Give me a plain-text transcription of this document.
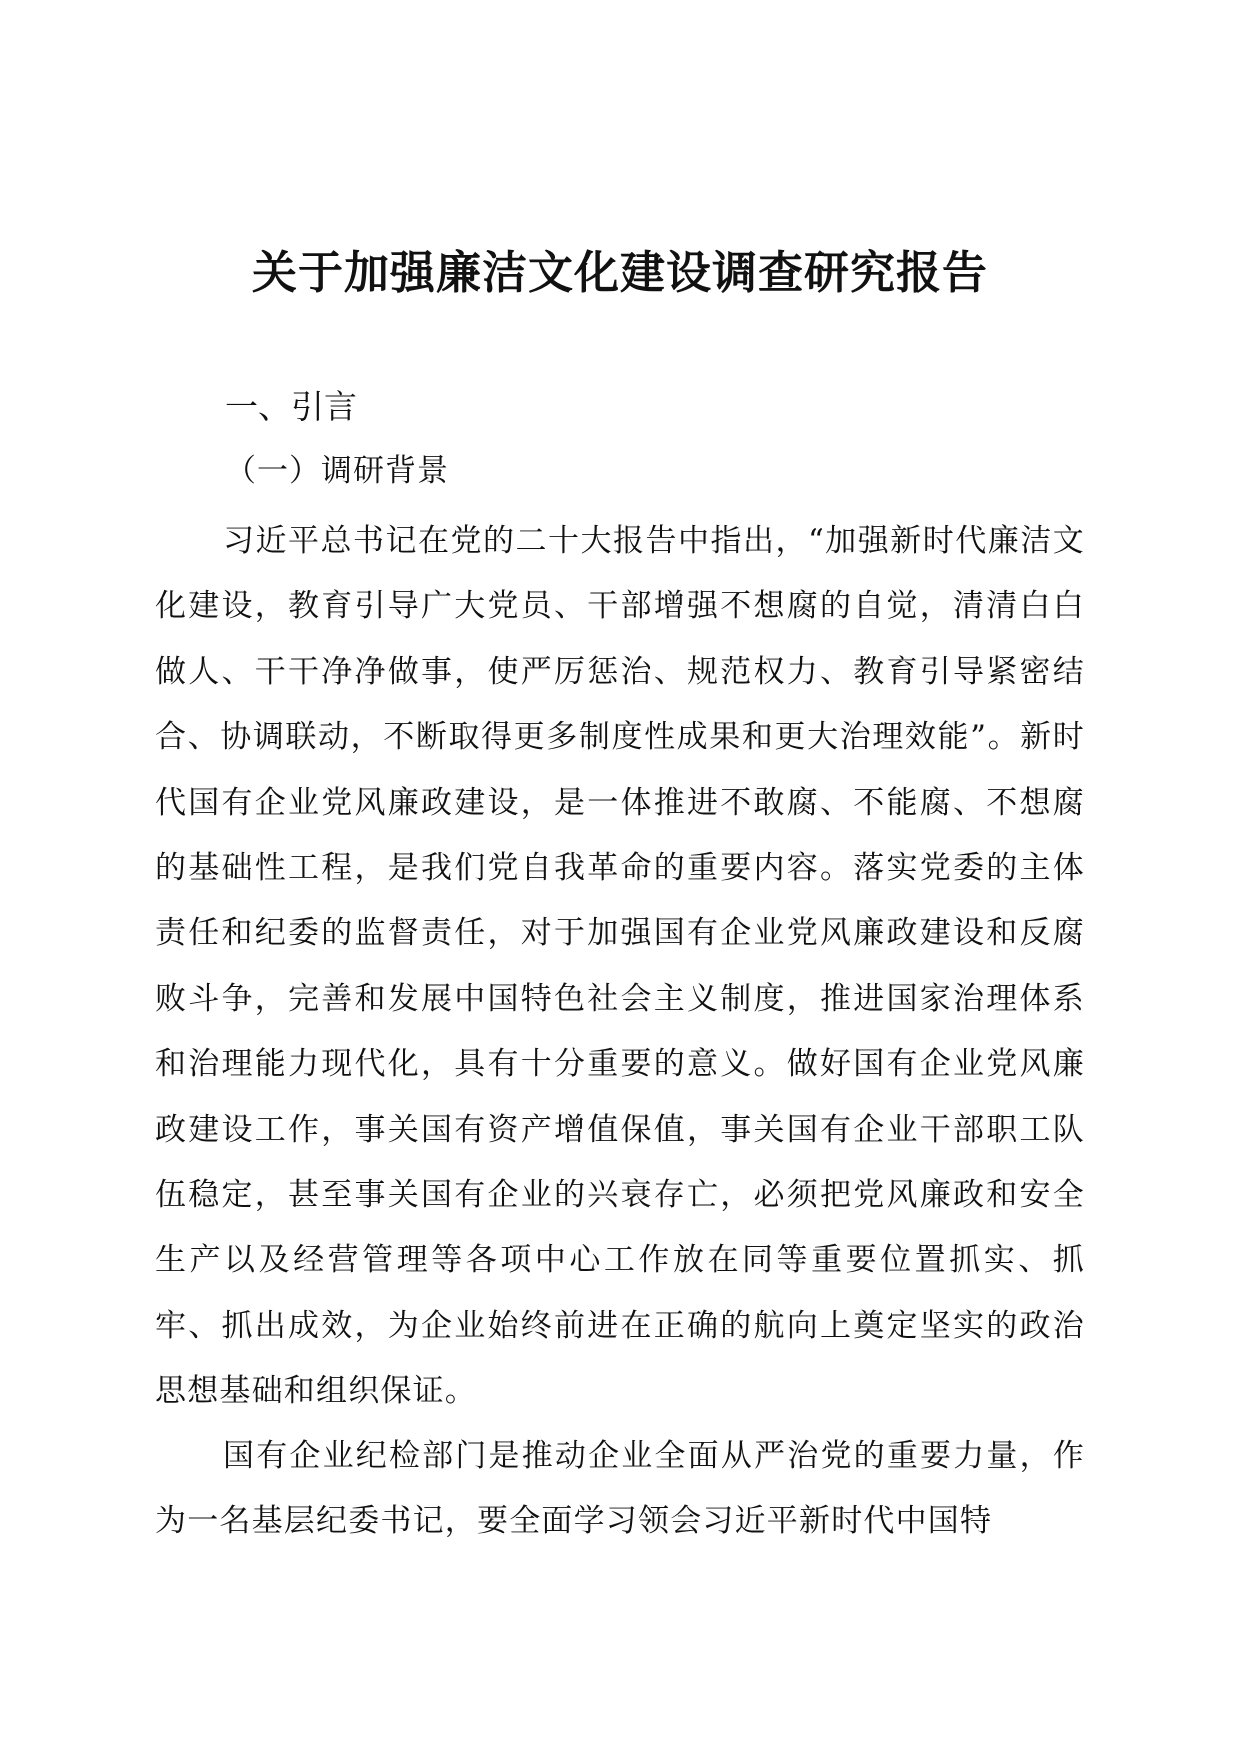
关于加强廉洁文化建设调查研究报告
一、引言
（一）调研背景

习近平总书记在党的二十大报告中指出，“加强新时代廉洁文化建设，教育引导广大党员、干部增强不想腐的自觉，清清白白做人、干干净净做事，使严厉惩治、规范权力、教育引导紧密结合、协调联动，不断取得更多制度性成果和更大治理效能”。新时代国有企业党风廉政建设，是一体推进不敢腐、不能腐、不想腐的基础性工程，是我们党自我革命的重要内容。落实党委的主体责任和纪委的监督责任，对于加强国有企业党风廉政建设和反腐败斗争，完善和发展中国特色社会主义制度，推进国家治理体系和治理能力现代化，具有十分重要的意义。做好国有企业党风廉政建设工作，事关国有资产增值保值，事关国有企业干部职工队伍稳定，甚至事关国有企业的兴衰存亡，必须把党风廉政和安全生产以及经营管理等各项中心工作放在同等重要位置抓实、抓牢、抓出成效，为企业始终前进在正确的航向上奠定坚实的政治思想基础和组织保证。

国有企业纪检部门是推动企业全面从严治党的重要力量，作为一名基层纪委书记，要全面学习领会习近平新时代中国特
